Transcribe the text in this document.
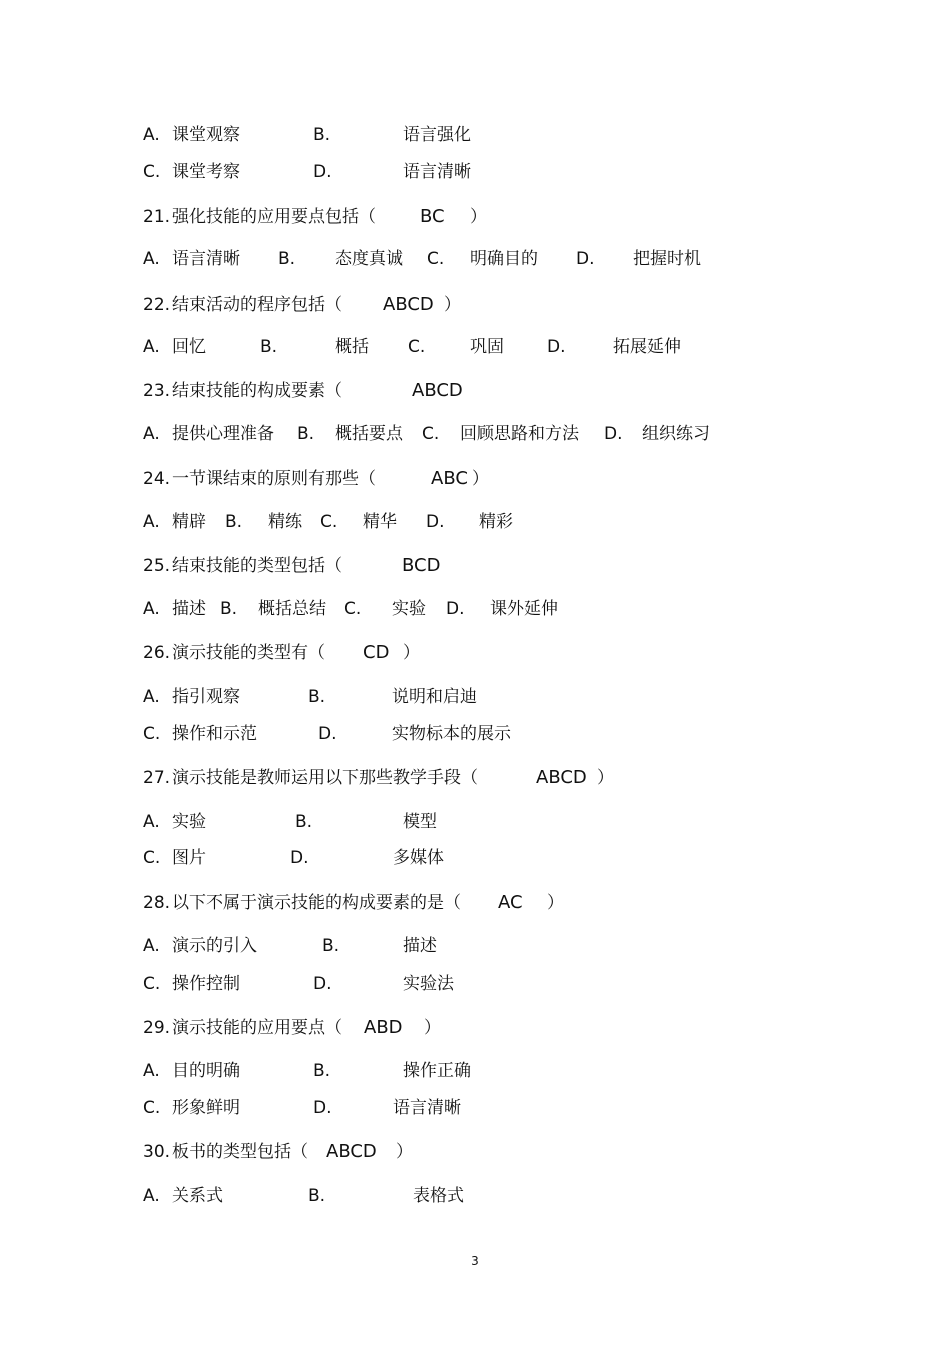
A. 课堂观察	B.	语言强化
C. 课堂考察	D.	语言清晰
21. 强化技能的应用要点包括（ BC ）
A. 语言清晰 B. 态度真诚 C. 明确目的 D. 把握时机
22. 结束活动的程序包括（ ABCD ）
A. 回忆	B.	概括 C.	巩固	D.	拓展延伸
23. 结束技能的构成要素（	ABCD
A. 提供心理准备 B. 概括要点 C. 回顾思路和方法 D. 组织练习
24. 一节课结束的原则有那些（	ABC ）
A. 精辟 B. 精练 C. 精华 D. 精彩
25. 结束技能的类型包括（	BCD
A. 描述 B. 概括总结 C. 实验 D. 课外延伸
26. 演示技能的类型有（ CD ）
A. 指引观察	B.	说明和启迪
C. 操作和示范	D.	实物标本的展示
27. 演示技能是教师运用以下那些教学手段（	ABCD ）
A. 实验	B.	模型
C. 图片	D.	多媒体
28. 以下不属于演示技能的构成要素的是（ AC ）
A. 演示的引入	B.	描述
C. 操作控制	D.	实验法
29. 演示技能的应用要点（ ABD ）
A. 目的明确	B.	操作正确
C. 形象鲜明	D.	语言清晰
30. 板书的类型包括（ ABCD ）
A. 关系式	B.	表格式
3
